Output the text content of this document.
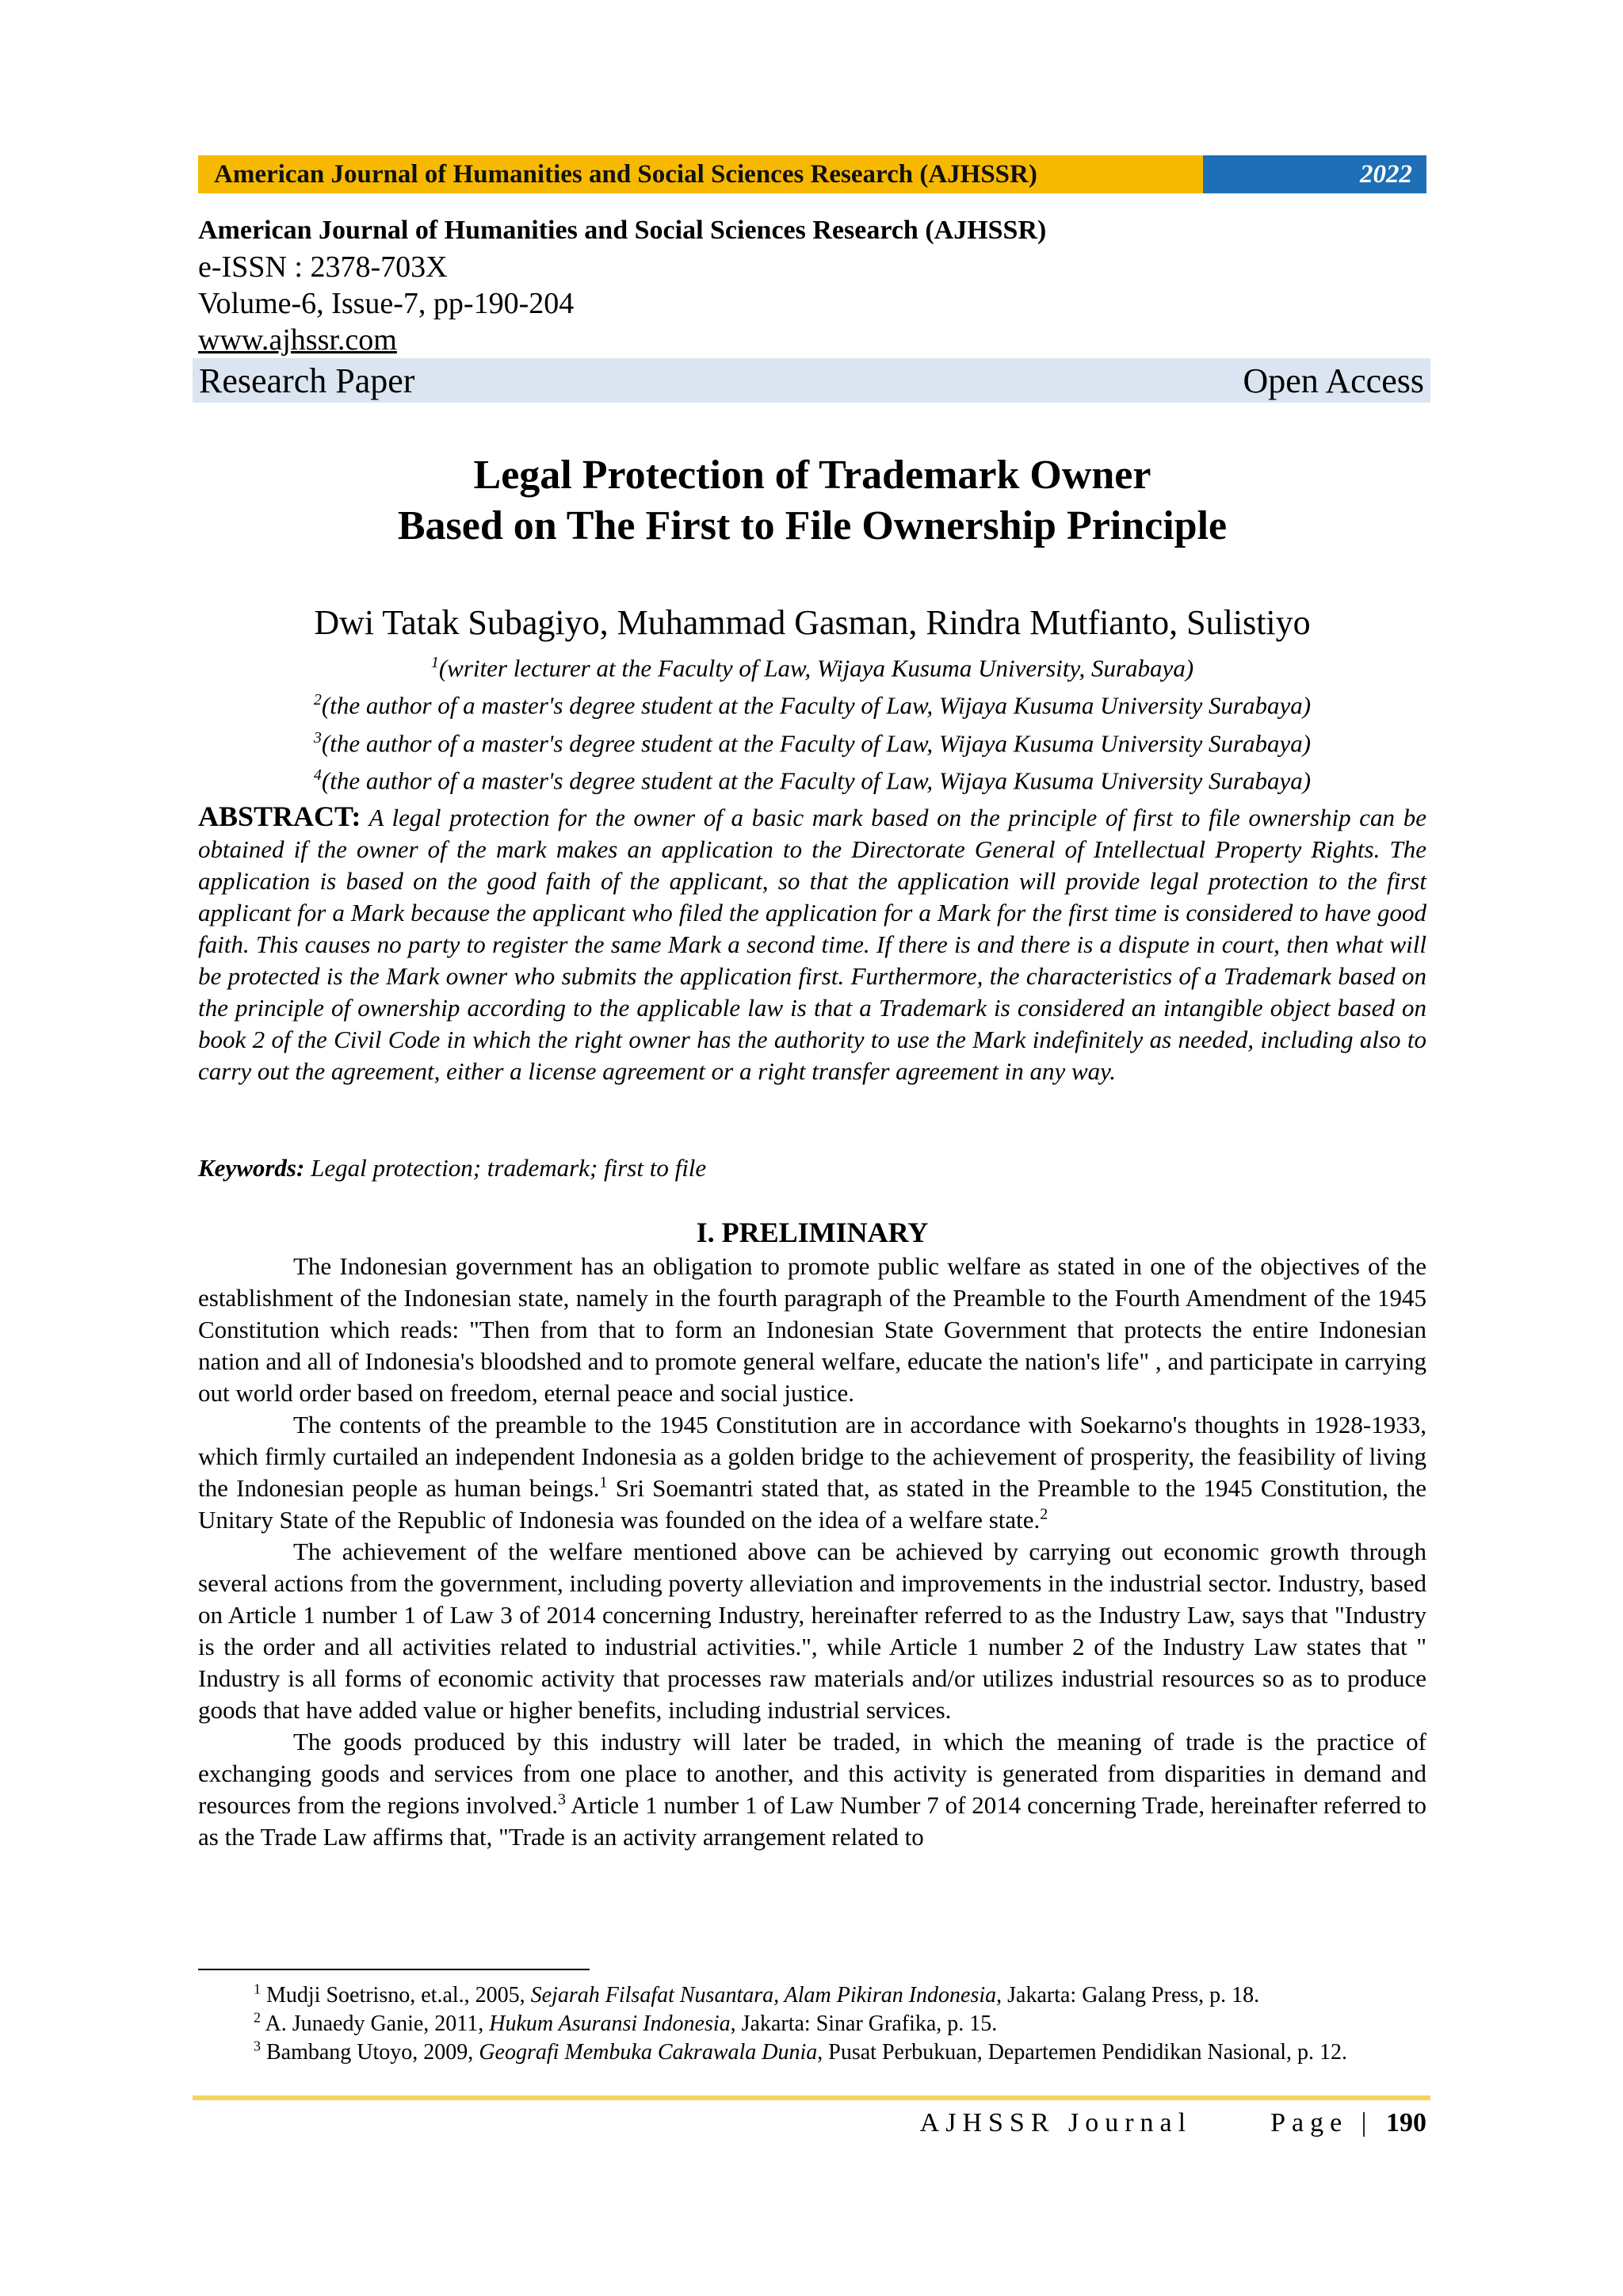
American Journal of Humanities and Social Sciences Research (AJHSSR)	2022
American Journal of Humanities and Social Sciences Research (AJHSSR)
e-ISSN : 2378-703X
Volume-6, Issue-7, pp-190-204
www.ajhssr.com
Research Paper	Open Access
Legal Protection of Trademark Owner
Based on The First to File Ownership Principle
Dwi Tatak Subagiyo, Muhammad Gasman, Rindra Mutfianto, Sulistiyo
$^1$(writer lecturer at the Faculty of Law, Wijaya Kusuma University, Surabaya)
$^2$(the author of a master's degree student at the Faculty of Law, Wijaya Kusuma University Surabaya)
$^3$(the author of a master's degree student at the Faculty of Law, Wijaya Kusuma University Surabaya)
$^4$(the author of a master's degree student at the Faculty of Law, Wijaya Kusuma University Surabaya)
ABSTRACT: A legal protection for the owner of a basic mark based on the principle of first to file ownership can be obtained if the owner of the mark makes an application to the Directorate General of Intellectual Property Rights. The application is based on the good faith of the applicant, so that the application will provide legal protection to the first applicant for a Mark because the applicant who filed the application for a Mark for the first time is considered to have good faith. This causes no party to register the same Mark a second time. If there is and there is a dispute in court, then what will be protected is the Mark owner who submits the application first. Furthermore, the characteristics of a Trademark based on the principle of ownership according to the applicable law is that a Trademark is considered an intangible object based on book 2 of the Civil Code in which the right owner has the authority to use the Mark indefinitely as needed, including also to carry out the agreement, either a license agreement or a right transfer agreement in any way.
Keywords: Legal protection; trademark; first to file
I. PRELIMINARY

The Indonesian government has an obligation to promote public welfare as stated in one of the objectives of the establishment of the Indonesian state, namely in the fourth paragraph of the Preamble to the Fourth Amendment of the 1945 Constitution which reads: "Then from that to form an Indonesian State Government that protects the entire Indonesian nation and all of Indonesia's bloodshed and to promote general welfare, educate the nation's life" , and participate in carrying out world order based on freedom, eternal peace and social justice.

The contents of the preamble to the 1945 Constitution are in accordance with Soekarno's thoughts in 1928-1933, which firmly curtailed an independent Indonesia as a golden bridge to the achievement of prosperity, the feasibility of living the Indonesian people as human beings.$^1$ Sri Soemantri stated that, as stated in the Preamble to the 1945 Constitution, the Unitary State of the Republic of Indonesia was founded on the idea of a welfare state.$^2$

The achievement of the welfare mentioned above can be achieved by carrying out economic growth through several actions from the government, including poverty alleviation and improvements in the industrial sector. Industry, based on Article 1 number 1 of Law 3 of 2014 concerning Industry, hereinafter referred to as the Industry Law, says that "Industry is the order and all activities related to industrial activities.", while Article 1 number 2 of the Industry Law states that " Industry is all forms of economic activity that processes raw materials and/or utilizes industrial resources so as to produce goods that have added value or higher benefits, including industrial services.

The goods produced by this industry will later be traded, in which the meaning of trade is the practice of exchanging goods and services from one place to another, and this activity is generated from disparities in demand and resources from the regions involved.$^3$ Article 1 number 1 of Law Number 7 of 2014 concerning Trade, hereinafter referred to as the Trade Law affirms that, "Trade is an activity arrangement related to

$^1$ Mudji Soetrisno, et.al., 2005, Sejarah Filsafat Nusantara, Alam Pikiran Indonesia, Jakarta: Galang Press, p. 18.

$^2$ A. Junaedy Ganie, 2011, Hukum Asuransi Indonesia, Jakarta: Sinar Grafika, p. 15.

$^3$ Bambang Utoyo, 2009, Geografi Membuka Cakrawala Dunia, Pusat Perbukuan, Departemen Pendidikan Nasional, p. 12.

AJHSSR Journal	Page | 190
